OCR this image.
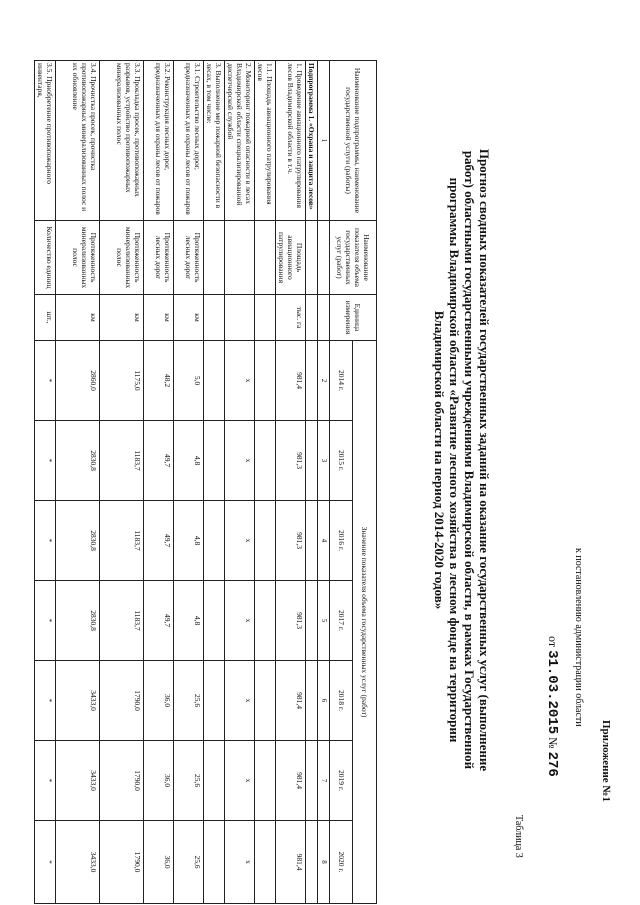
Приложение №1
к постановлению администрации области
от 31.03.2015 № 276
Таблица 3
Прогноз сводных показателей государственных заданий на оказание государственных услуг (выполнение работ) областными государственными учреждениями Владимирской области, в рамках Государственной программы Владимирской области «Развитие лесного хозяйства в лесном фонде на территории Владимирской области на период 2014-2020 годов»
Наименование подпрограммы, наименование государственной услуги (работы)	Наименование показателя объема государственных услуг (работ)	Единица измерения	Значение показателя объема государственных услуг (работ)						
			2014 г.	2015 г.	2016 г.	2017 г.	2018 г.	2019 г.	2020 г.
1			2	3	4	5	6	7	8
Подпрограмма 1. «Охрана и защита лесов»									
1. Проведение авиационного патрулирования лесов Владимирской области в т.ч.	Площадь авиационного патрулирования	тыс. га	981,4	981,3	981,3	981,3	981,4	981,4	981,4
1.1. Площадь авиационного патрулирования лесов									
2. Мониторинг пожарной опасности в лесах Владимирской области специализированной диспетчерской службой			х	х	х	х	х	х	х
3. Выполнение мер пожарной безопасности в лесах, в том числе:									
3.1. Строительство лесных дорог, предназначенных для охраны лесов от пожаров	Протяженность лесных дорог	км	5,0	4,8	4,8	4,8	25,6	25,6	25,6
3.2. Реконструкция лесных дорог, предназначенных для охраны лесов от пожаров	Протяженность лесных дорог	км	48,2	49,7	49,7	49,7	36,0	36,0	36,0
3.3. Прокладка просек, противопожарных разрывов, устройство противопожарных минерализованных полос	Протяженность минерализованных полос	км	1175,0	1183,7	1183,7	1183,7	1790,0	1790,0	1790,0
3.4. Прочистка просек, прочистка противопожарных минерализованных полос и их обновление	Протяженность минерализованных полос	км	2860,0	2830,8	2830,8	2830,8	3433,0	3433,0	3433,0
3.5. Приобретение противопожарного инвентаря,	Количество единиц	шт.,	*	*	*	*	*	*	*
